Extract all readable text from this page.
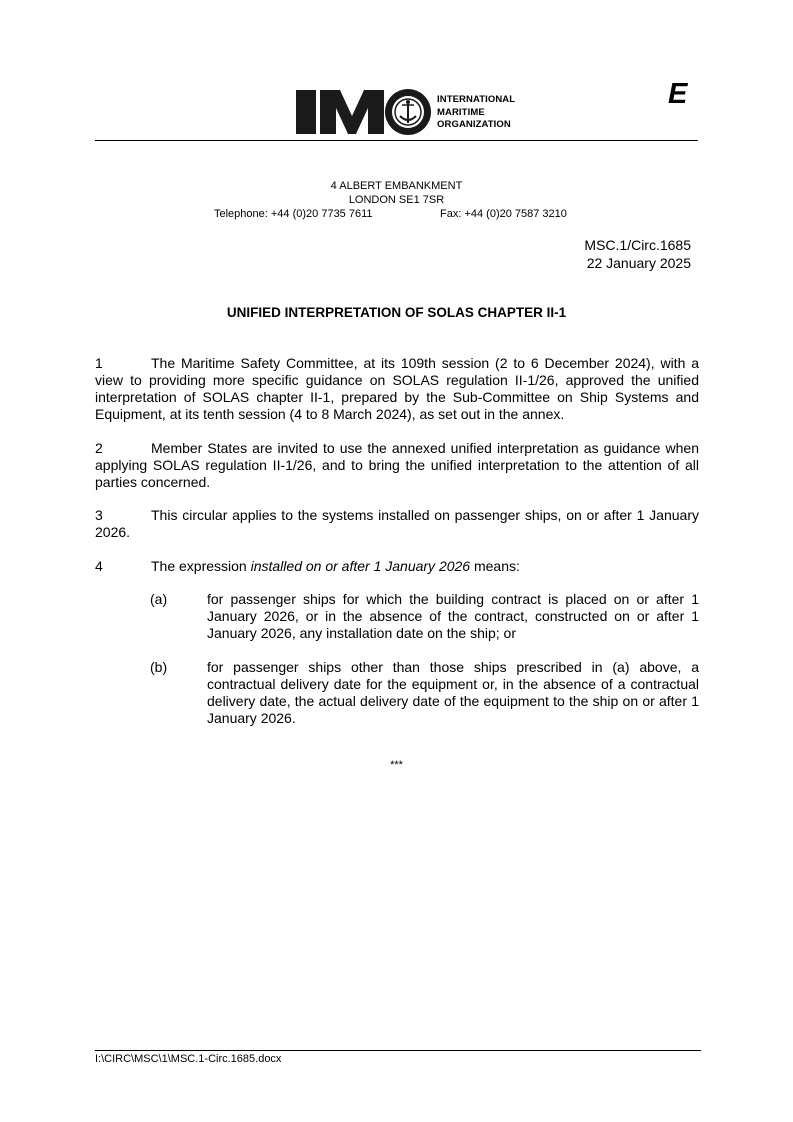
INTERNATIONAL
MARITIME
ORGANIZATION
E
4 ALBERT EMBANKMENT
LONDON SE1 7SR
Telephone: +44 (0)20 7735 7611	Fax: +44 (0)20 7587 3210
MSC.1/Circ.1685
22 January 2025
UNIFIED INTERPRETATION OF SOLAS CHAPTER II-1

1	The Maritime Safety Committee, at its 109th session (2 to 6 December 2024), with a view to providing more specific guidance on SOLAS regulation II-1/26, approved the unified interpretation of SOLAS chapter II-1, prepared by the Sub-Committee on Ship Systems and Equipment, at its tenth session (4 to 8 March 2024), as set out in the annex.

2	Member States are invited to use the annexed unified interpretation as guidance when applying SOLAS regulation II-1/26, and to bring the unified interpretation to the attention of all parties concerned.

3	This circular applies to the systems installed on passenger ships, on or after 1 January 2026.

4	The expression installed on or after 1 January 2026 means:

(a)	for passenger ships for which the building contract is placed on or after 1 January 2026, or in the absence of the contract, constructed on or after 1 January 2026, any installation date on the ship; or
(b)	for passenger ships other than those ships prescribed in (a) above, a contractual delivery date for the equipment or, in the absence of a contractual delivery date, the actual delivery date of the equipment to the ship on or after 1 January 2026.
***
I:\CIRC\MSC\1\MSC.1-Circ.1685.docx
